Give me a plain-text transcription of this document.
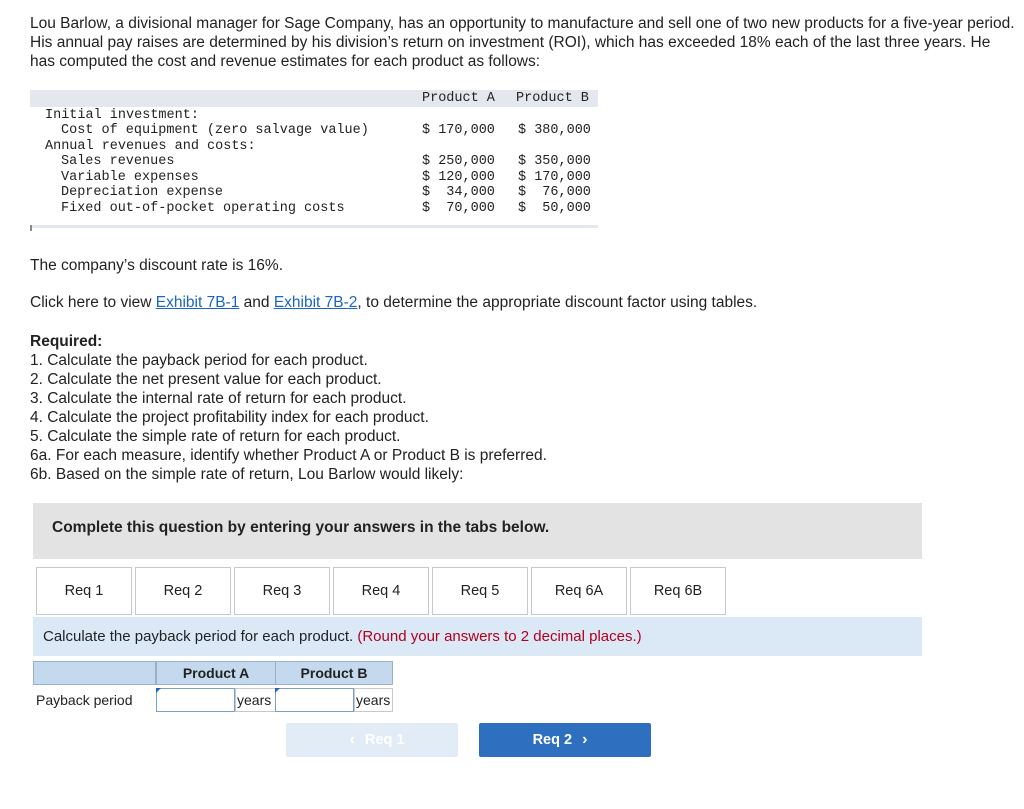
Lou Barlow, a divisional manager for Sage Company, has an opportunity to manufacture and sell one of two new products for a five-year period. His annual pay raises are determined by his division’s return on investment (ROI), which has exceeded 18% each of the last three years. He has computed the cost and revenue estimates for each product as follows:

Product A Product B
Initial investment:
Cost of equipment (zero salvage value)	$ 170,000 $ 380,000
Annual revenues and costs:
Sales revenues	$ 250,000 $ 350,000
Variable expenses	$ 120,000 $ 170,000
Depreciation expense	$  34,000 $  76,000
Fixed out-of-pocket operating costs	$  70,000 $  50,000

The company’s discount rate is 16%.

Click here to view Exhibit 7B-1 and Exhibit 7B-2, to determine the appropriate discount factor using tables.

Required:
1. Calculate the payback period for each product.
2. Calculate the net present value for each product.
3. Calculate the internal rate of return for each product.
4. Calculate the project profitability index for each product.
5. Calculate the simple rate of return for each product.
6a. For each measure, identify whether Product A or Product B is preferred.
6b. Based on the simple rate of return, Lou Barlow would likely:
Complete this question by entering your answers in the tabs below.
Req 1	Req 2	Req 3	Req 4	Req 5	Req 6A	Req 6B
Calculate the payback period for each product. (Round your answers to 2 decimal places.)
Product A	Product B
Payback period	years	years
‹ Req 1	Req 2 ›
